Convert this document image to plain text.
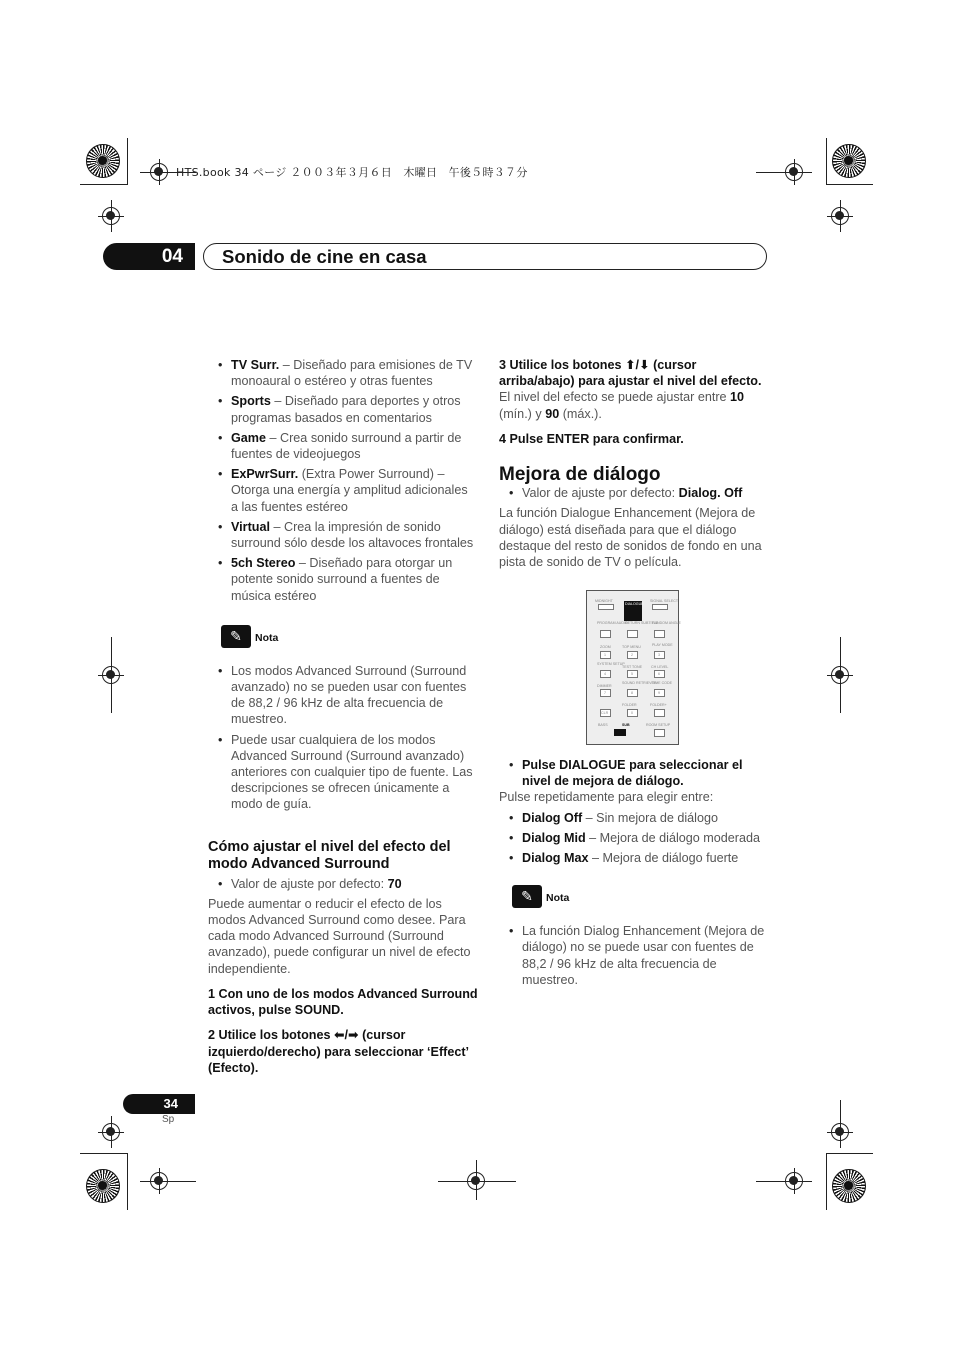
HTS.book 34 ページ ２００３年３月６日　木曜日　午後５時３７分
04	Sonido de cine en casa
• TV Surr. – Diseñado para emisiones de TV monoaural o estéreo y otras fuentes
• Sports – Diseñado para deportes y otros programas basados en comentarios
• Game – Crea sonido surround a partir de fuentes de videojuegos
• ExPwrSurr. (Extra Power Surround) – Otorga una energía y amplitud adicionales a las fuentes estéreo
• Virtual – Crea la impresión de sonido surround sólo desde los altavoces frontales
• 5ch Stereo – Diseñado para otorgar un potente sonido surround a fuentes de música estéreo
✎	Nota
• Los modos Advanced Surround (Surround avanzado) no se pueden usar con fuentes de 88,2 / 96 kHz de alta frecuencia de muestreo.
• Puede usar cualquiera de los modos Advanced Surround (Surround avanzado) anteriores con cualquier tipo de fuente. Las descripciones se ofrecen únicamente a modo de guía.
Cómo ajustar el nivel del efecto del modo Advanced Surround
• Valor de ajuste por defecto: 70

Puede aumentar o reducir el efecto de los modos Advanced Surround como desee. Para cada modo Advanced Surround (Surround avanzado), puede configurar un nivel de efecto independiente.

1 Con uno de los modos Advanced Surround activos, pulse SOUND.

2 Utilice los botones ⬅/➡ (cursor izquierdo/derecho) para seleccionar ‘Effect’ (Efecto).

3 Utilice los botones ⬆/⬇ (cursor arriba/abajo) para ajustar el nivel del efecto.

El nivel del efecto se puede ajustar entre 10 (mín.) y 90 (máx.).

4 Pulse ENTER para confirmar.

Mejora de diálogo
• Valor de ajuste por defecto: Dialog. Off

La función Dialogue Enhancement (Mejora de diálogo) está diseñada para que el diálogo destaque del resto de sonidos de fondo en una pista de sonido de TV o película.

MIDNIGHT
DIALOGUE
SIGNAL SELECT
PROGRAM AUDIO
RETURN SUBTITLE
RANDOM ANGLE
ZOOM	TOP MENU	PLAY MODE
1	2	3
SYSTEM SETUP
TEST TONE	CH LEVEL
4	5	6
DIMMER
SOUND RETRIEVER
TIME CODE
7	8	9
FOLDER	FOLDER+
CLR	0
BASS	SUB	ROOM SETUP
• Pulse DIALOGUE para seleccionar el nivel de mejora de diálogo.

Pulse repetidamente para elegir entre:

• Dialog Off – Sin mejora de diálogo
• Dialog Mid – Mejora de diálogo moderada
• Dialog Max – Mejora de diálogo fuerte
✎	Nota
• La función Dialog Enhancement (Mejora de diálogo) no se puede usar con fuentes de 88,2 / 96 kHz de alta frecuencia de muestreo.
34
Sp
